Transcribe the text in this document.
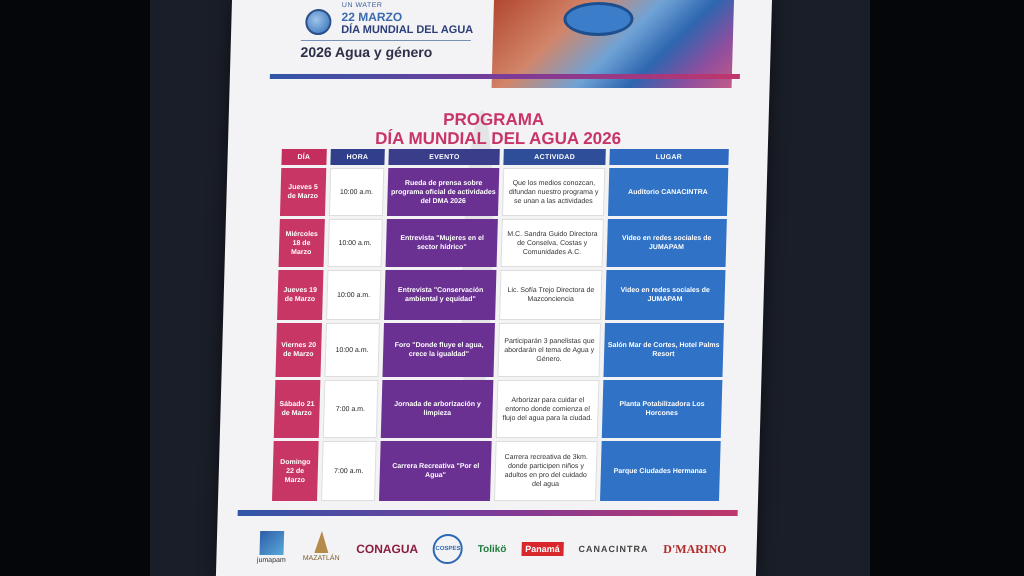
UN WATER
22 MARZO
DÍA MUNDIAL DEL AGUA
2026 Agua y género
PROGRAMA
DÍA MUNDIAL DEL AGUA 2026
DÍA	HORA	EVENTO	ACTIVIDAD	LUGAR
Jueves 5 de Marzo	10:00 a.m.	Rueda de prensa sobre programa oficial de actividades del DMA 2026	Que los medios conozcan, difundan nuestro programa y se unan a las actividades	Auditorio CANACINTRA
Miércoles 18 de Marzo	10:00 a.m.	Entrevista "Mujeres en el sector hídrico"	M.C. Sandra Guido Directora de Conselva, Costas y Comunidades A.C.	Video en redes sociales de JUMAPAM
Jueves 19 de Marzo	10:00 a.m.	Entrevista "Conservación ambiental y equidad"	Lic. Sofía Trejo Directora de Mazconciencia	Video en redes sociales de JUMAPAM
Viernes 20 de Marzo	10:00 a.m.	Foro "Donde fluye el agua, crece la igualdad"	Participarán 3 panelistas que abordarán el tema de Agua y Género.	Salón Mar de Cortes, Hotel Palms Resort
Sábado 21 de Marzo	7:00 a.m.	Jornada de arborización y limpieza	Arborizar para cuidar el entorno donde comienza el flujo del agua para la ciudad.	Planta Potabilizadora Los Horcones
Domingo 22 de Marzo	7:00 a.m.	Carrera Recreativa "Por el Agua"	Carrera recreativa de 3km. donde participen niños y adultos en pro del cuidado del agua	Parque Ciudades Hermanas
jumapam MAZATLÁN
CONAGUA	COSPES Tolikö	Panamá	CANACINTRA D'MARINO
